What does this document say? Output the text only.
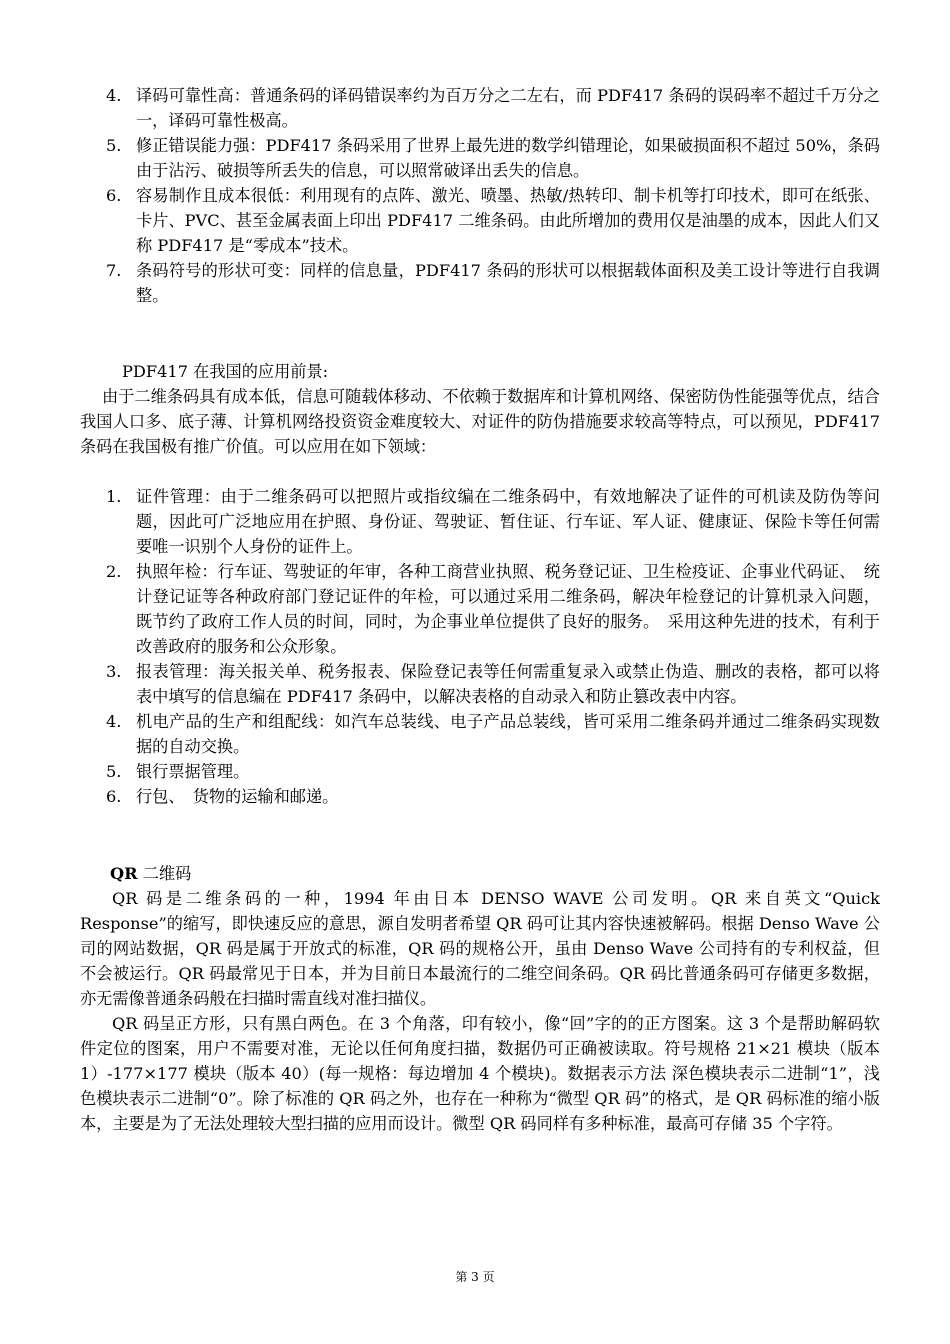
4. 译码可靠性高：普通条码的译码错误率约为百万分之二左右，而 PDF417 条码的误码率不超过千万分之一，译码可靠性极高。
5. 修正错误能力强：PDF417 条码采用了世界上最先进的数学纠错理论，如果破损面积不超过 50%，条码由于沾污、破损等所丢失的信息，可以照常破译出丢失的信息。
6. 容易制作且成本很低：利用现有的点阵、激光、喷墨、热敏/热转印、制卡机等打印技术，即可在纸张、卡片、PVC、甚至金属表面上印出 PDF417 二维条码。由此所增加的费用仅是油墨的成本，因此人们又称 PDF417 是“零成本”技术。
7. 条码符号的形状可变：同样的信息量，PDF417 条码的形状可以根据载体面积及美工设计等进行自我调整。
PDF417 在我国的应用前景:
由于二维条码具有成本低，信息可随载体移动、不依赖于数据库和计算机网络、保密防伪性能强等优点，结合我国人口多、底子薄、计算机网络投资资金难度较大、对证件的防伪措施要求较高等特点，可以预见，PDF417 条码在我国极有推广价值。可以应用在如下领域：
1. 证件管理：由于二维条码可以把照片或指纹编在二维条码中，有效地解决了证件的可机读及防伪等问题，因此可广泛地应用在护照、身份证、驾驶证、暂住证、行车证、军人证、健康证、保险卡等任何需要唯一识别个人身份的证件上。
2. 执照年检：行车证、驾驶证的年审，各种工商营业执照、税务登记证、卫生检疫证、企事业代码证、　统计登记证等各种政府部门登记证件的年检，可以通过采用二维条码，解决年检登记的计算机录入问题，既节约了政府工作人员的时间，同时，为企事业单位提供了良好的服务。　采用这种先进的技术，有利于改善政府的服务和公众形象。
3. 报表管理：海关报关单、税务报表、保险登记表等任何需重复录入或禁止伪造、删改的表格，都可以将表中填写的信息编在 PDF417 条码中，以解决表格的自动录入和防止篡改表中内容。
4. 机电产品的生产和组配线：如汽车总装线、电子产品总装线，皆可采用二维条码并通过二维条码实现数据的自动交换。
5. 银行票据管理。
6. 行包、　货物的运输和邮递。
QR 二维码
QR 码是二维条码的一种，1994 年由日本 DENSO WAVE 公司发明。QR 来自英文“Quick Response”的缩写，即快速反应的意思，源自发明者希望 QR 码可让其内容快速被解码。根据 Denso Wave 公司的网站数据，QR 码是属于开放式的标准，QR 码的规格公开，虽由 Denso Wave 公司持有的专利权益，但不会被运行。QR 码最常见于日本，并为目前日本最流行的二维空间条码。QR 码比普通条码可存储更多数据，亦无需像普通条码般在扫描时需直线对准扫描仪。
QR 码呈正方形，只有黑白两色。在 3 个角落，印有较小，像“回”字的的正方图案。这 3 个是帮助解码软件定位的图案，用户不需要对准，无论以任何角度扫描，数据仍可正确被读取。符号规格 21×21 模块（版本 1）-177×177 模块（版本 40）(每一规格：每边增加 4 个模块)。数据表示方法 深色模块表示二进制“1”，浅色模块表示二进制“0”。除了标准的 QR 码之外，也存在一种称为“微型 QR 码”的格式，是 QR 码标准的缩小版本，主要是为了无法处理较大型扫描的应用而设计。微型 QR 码同样有多种标准，最高可存储 35 个字符。
第 3 页
